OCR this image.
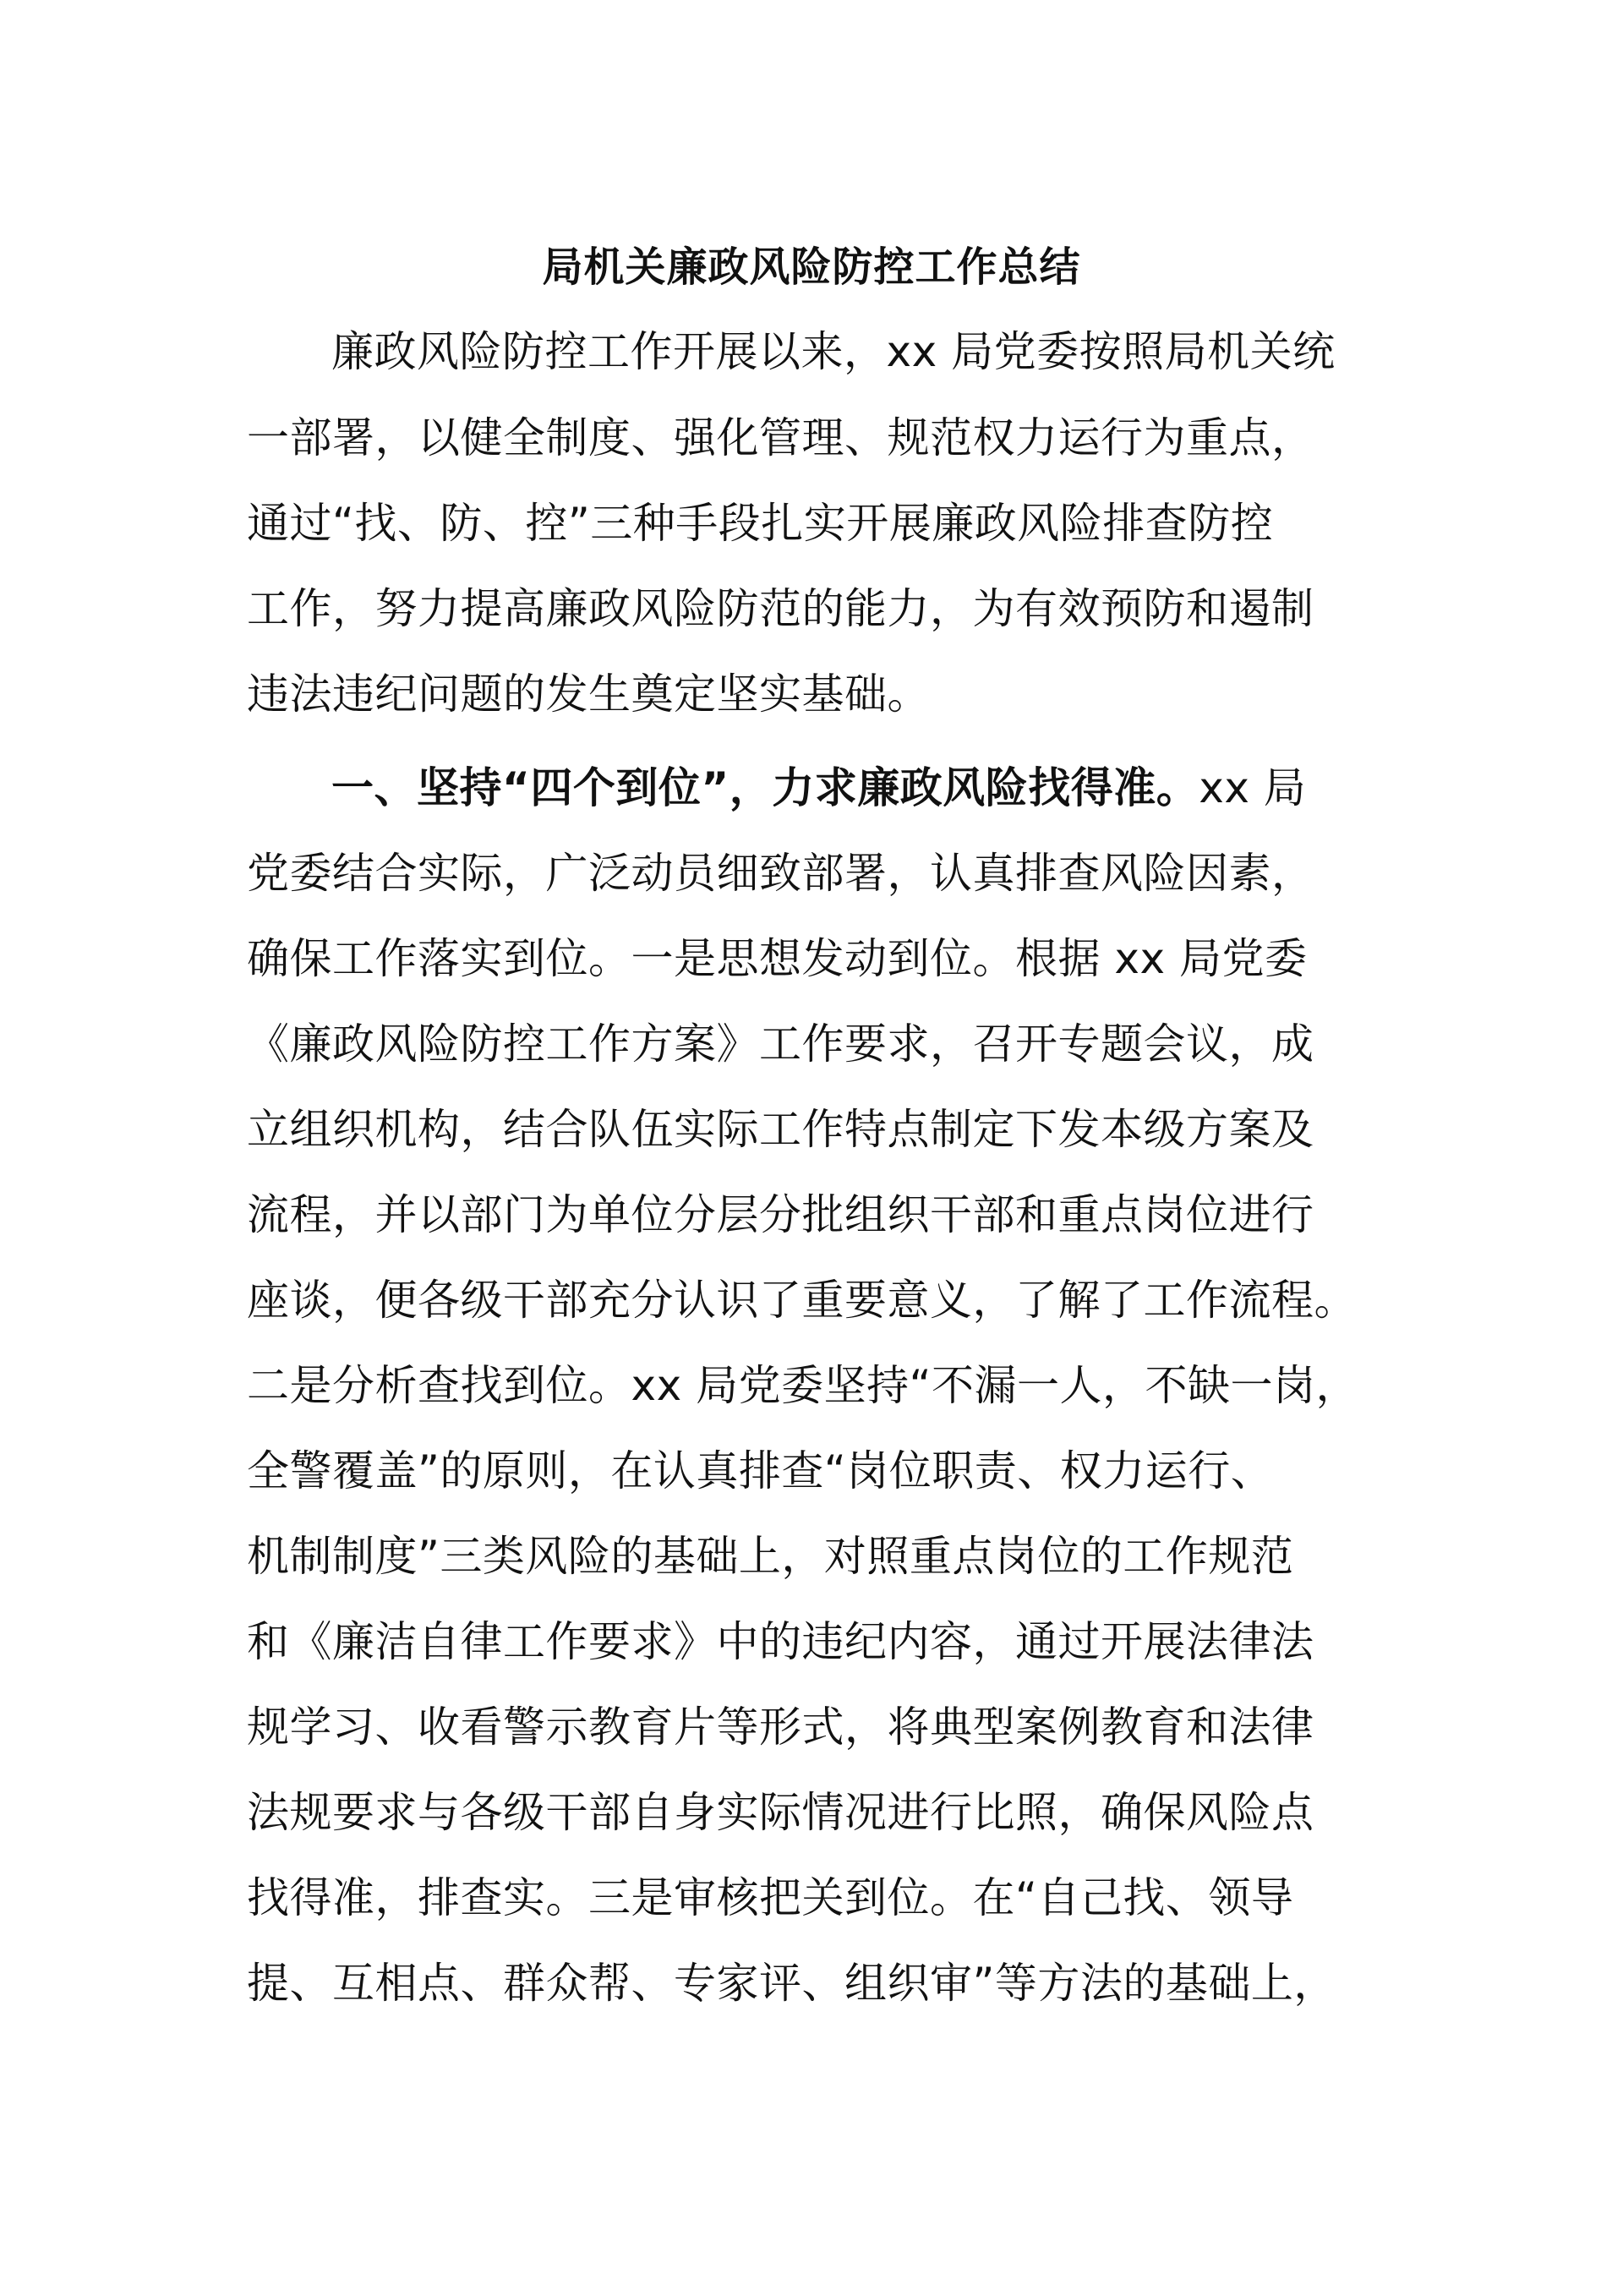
局机关廉政风险防控工作总结
廉政风险防控工作开展以来，xx 局党委按照局机关统
一部署，以健全制度、强化管理、规范权力运行为重点，
通过“找、防、控”三种手段扎实开展廉政风险排查防控
工作，努力提高廉政风险防范的能力，为有效预防和遏制
违法违纪问题的发生奠定坚实基础。
一、坚持“四个到位”，力求廉政风险找得准。xx 局
党委结合实际，广泛动员细致部署，认真排查风险因素，
确保工作落实到位。一是思想发动到位。根据 xx 局党委
《廉政风险防控工作方案》工作要求，召开专题会议，成
立组织机构，结合队伍实际工作特点制定下发本级方案及
流程，并以部门为单位分层分批组织干部和重点岗位进行
座谈，便各级干部充分认识了重要意义，了解了工作流程。
二是分析查找到位。xx 局党委坚持“不漏一人，不缺一岗，
全警覆盖”的原则，在认真排查“岗位职责、权力运行、
机制制度”三类风险的基础上，对照重点岗位的工作规范
和《廉洁自律工作要求》中的违纪内容，通过开展法律法
规学习、收看警示教育片等形式，将典型案例教育和法律
法规要求与各级干部自身实际情况进行比照，确保风险点
找得准，排查实。三是审核把关到位。在“自己找、领导
提、互相点、群众帮、专家评、组织审”等方法的基础上，
